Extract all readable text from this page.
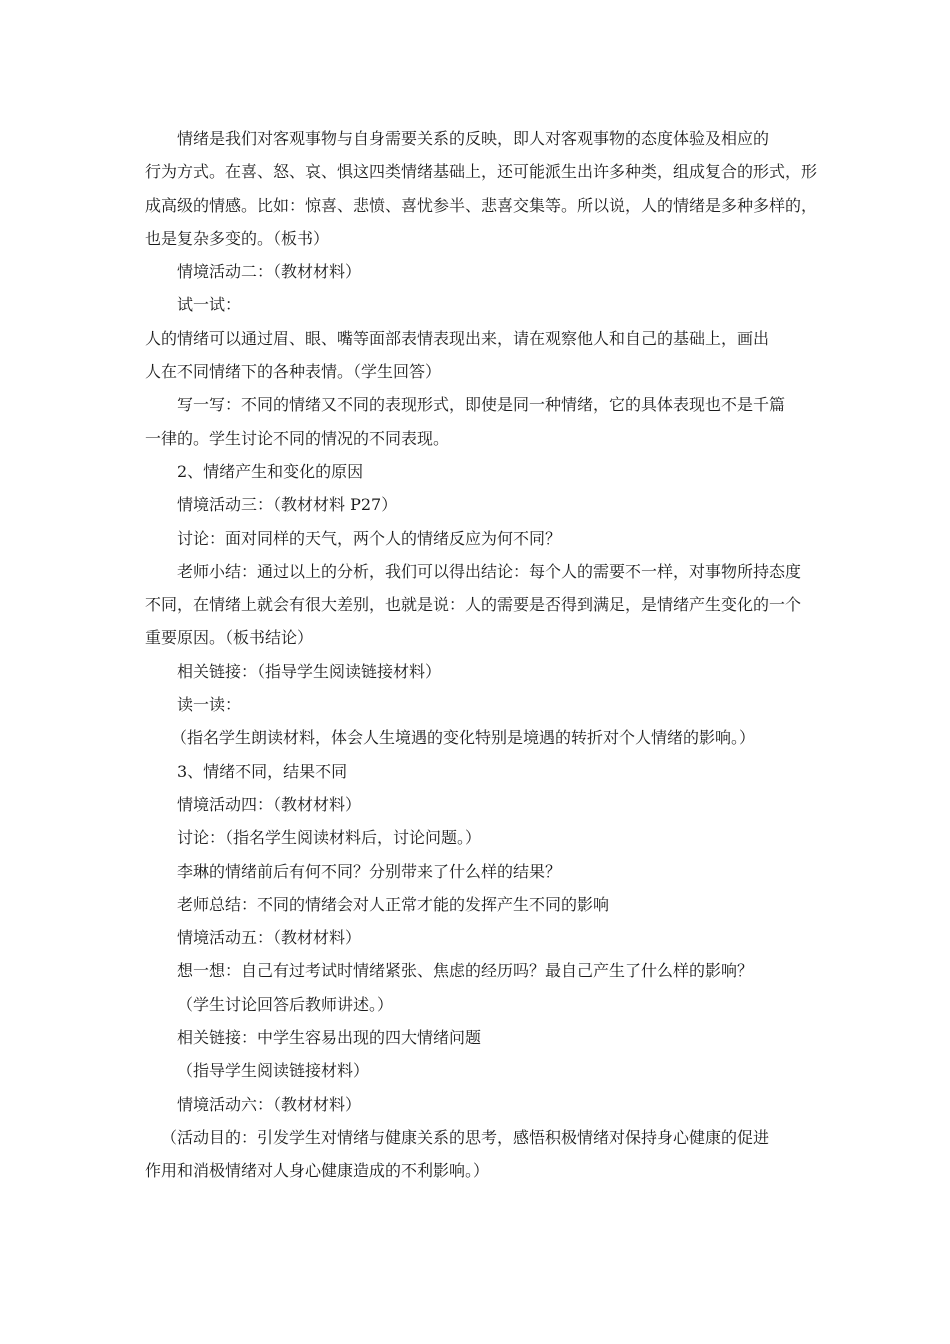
情绪是我们对客观事物与自身需要关系的反映，即人对客观事物的态度体验及相应的
行为方式。在喜、怒、哀、惧这四类情绪基础上，还可能派生出许多种类，组成复合的形式，形
成高级的情感。比如：惊喜、悲愤、喜忧参半、悲喜交集等。所以说，人的情绪是多种多样的，
也是复杂多变的。（板书）
情境活动二：（教材材料）
试一试：
人的情绪可以通过眉、眼、嘴等面部表情表现出来，请在观察他人和自己的基础上，画出
人在不同情绪下的各种表情。（学生回答）
写一写：不同的情绪又不同的表现形式，即使是同一种情绪，它的具体表现也不是千篇
一律的。学生讨论不同的情况的不同表现。
2、情绪产生和变化的原因
情境活动三：（教材材料 P27）
讨论：面对同样的天气，两个人的情绪反应为何不同？
老师小结：通过以上的分析，我们可以得出结论：每个人的需要不一样，对事物所持态度
不同，在情绪上就会有很大差别，也就是说：人的需要是否得到满足，是情绪产生变化的一个
重要原因。（板书结论）
相关链接：（指导学生阅读链接材料）
读一读：
（指名学生朗读材料，体会人生境遇的变化特别是境遇的转折对个人情绪的影响。）
3、情绪不同，结果不同
情境活动四：（教材材料）
讨论：（指名学生阅读材料后，讨论问题。）
李琳的情绪前后有何不同？分别带来了什么样的结果？
老师总结：不同的情绪会对人正常才能的发挥产生不同的影响
情境活动五：（教材材料）
想一想：自己有过考试时情绪紧张、焦虑的经历吗？最自己产生了什么样的影响？
（学生讨论回答后教师讲述。）
相关链接：中学生容易出现的四大情绪问题
（指导学生阅读链接材料）
情境活动六：（教材材料）
（活动目的：引发学生对情绪与健康关系的思考，感悟积极情绪对保持身心健康的促进
作用和消极情绪对人身心健康造成的不利影响。）
